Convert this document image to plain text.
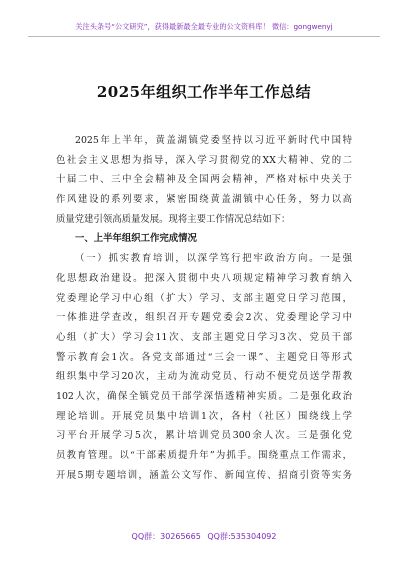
关注头条号“公文研究”，获得最新最全最专业的公文资料库！ 微信：gongwenyj
2025年组织工作半年工作总结
2025年上半年，黄盖湖镇党委坚持以习近平新时代中国特
色社会主义思想为指导，深入学习贯彻党的XX大精神、党的二
十届二中、三中全会精神及全国两会精神，严格对标中央关于
作风建设的系列要求，紧密围绕黄盖湖镇中心任务，努力以高
质量党建引领高质量发展。现将主要工作情况总结如下：
一、上半年组织工作完成情况
（一）抓实教育培训，以深学笃行把牢政治方向。一是强
化思想政治建设。把深入贯彻中央八项规定精神学习教育纳入
党委理论学习中心组（扩大）学习、支部主题党日学习范围，
一体推进学查改，组织召开专题党委会2次、党委理论学习中
心组（扩大）学习会11次、支部主题党日学习3次、党员干部
警示教育会1次。各党支部通过“三会一课”、主题党日等形式
组织集中学习20次，主动为流动党员、行动不便党员送学帮教
102人次，确保全镇党员干部学深悟透精神实质。二是强化政治
理论培训。开展党员集中培训1次，各村（社区）围绕线上学
习平台开展学习5次，累计培训党员300余人次。三是强化党
员教育管理。以“干部素质提升年”为抓手。围绕重点工作需求，
开展5期专题培训，涵盖公文写作、新闻宣传、招商引资等实务
QQ群：30265665 QQ群:535304092
